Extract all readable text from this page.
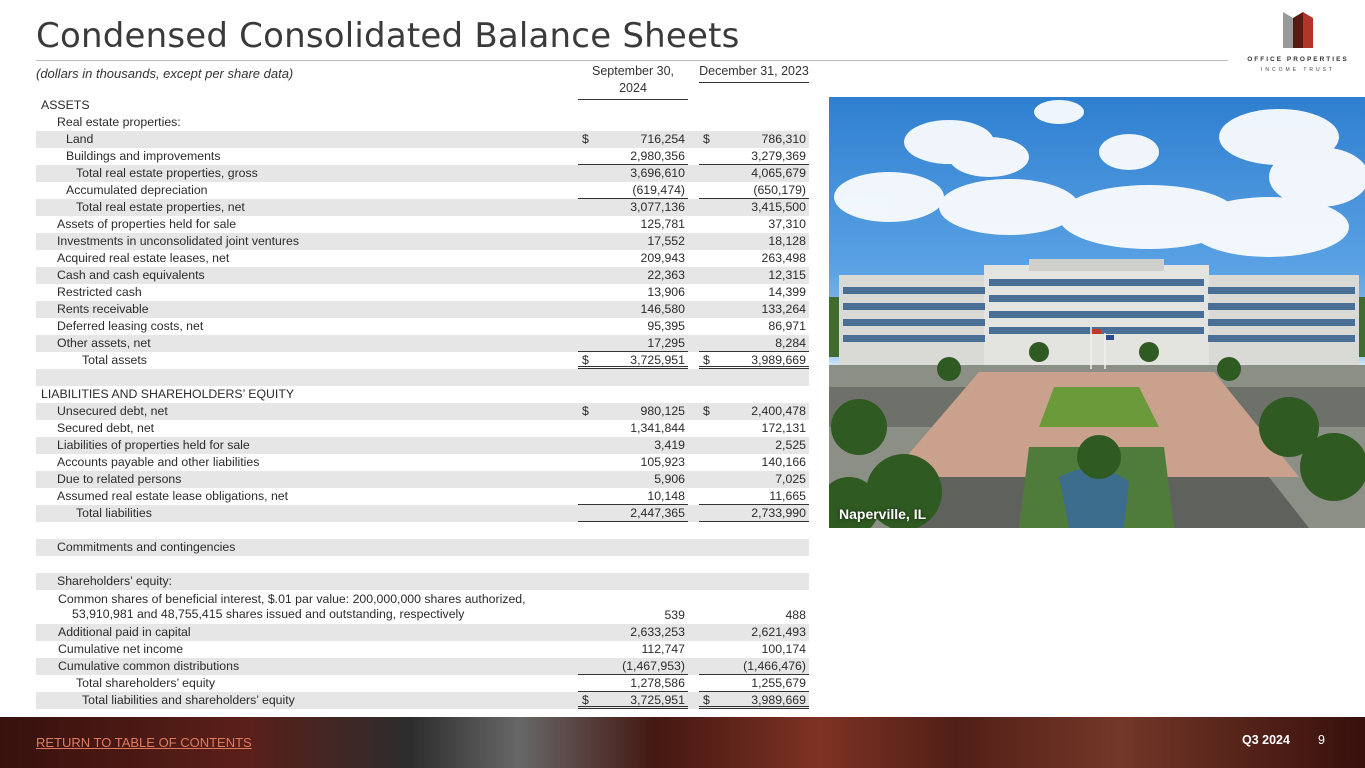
Condensed Consolidated Balance Sheets
OFFICE PROPERTIES
INCOME TRUST
(dollars in thousands, except per share data)	September 30, 2024
December 31, 2023
ASSETS
Real estate properties:
Land	$	716,254 $	786,310
Buildings and improvements	2,980,356	3,279,369
Total real estate properties, gross	3,696,610	4,065,679
Accumulated depreciation	(619,474)	(650,179)
Total real estate properties, net	3,077,136	3,415,500
Assets of properties held for sale	125,781	37,310
Investments in unconsolidated joint ventures	17,552	18,128
Acquired real estate leases, net	209,943	263,498
Cash and cash equivalents	22,363	12,315
Restricted cash	13,906	14,399
Rents receivable	146,580	133,264
Deferred leasing costs, net	95,395	86,971
Other assets, net	17,295	8,284
Total assets	$	3,725,951 $	3,989,669
LIABILITIES AND SHAREHOLDERS’ EQUITY
Unsecured debt, net	$	980,125 $	2,400,478
Secured debt, net	1,341,844	172,131
Liabilities of properties held for sale	3,419	2,525
Accounts payable and other liabilities	105,923	140,166
Due to related persons	5,906	7,025
Assumed real estate lease obligations, net	10,148	11,665
Total liabilities	2,447,365	2,733,990
Commitments and contingencies
Shareholders’ equity:
Common shares of beneficial interest, $.01 par value: 200,000,000 shares authorized,
53,910,981 and 48,755,415 shares issued and outstanding, respectively	539	488
Additional paid in capital	2,633,253	2,621,493
Cumulative net income	112,747	100,174
Cumulative common distributions	(1,467,953)	(1,466,476)
Total shareholders’ equity	1,278,586	1,255,679
Total liabilities and shareholders’ equity	$	3,725,951 $	3,989,669
Naperville, IL
RETURN TO TABLE OF CONTENTS	Q3 2024 9
